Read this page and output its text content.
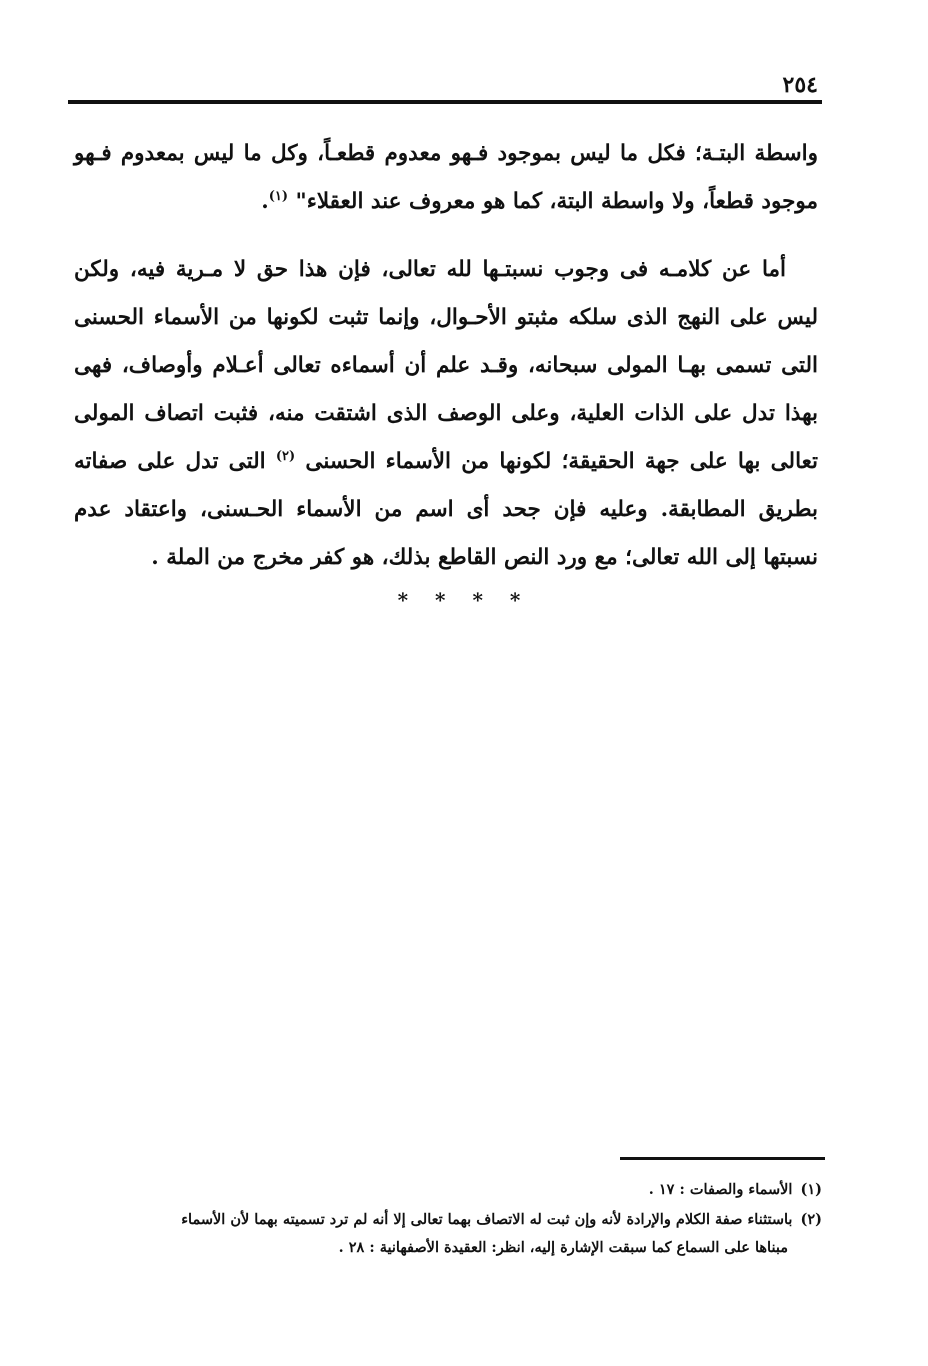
٢٥٤

واسطة البتـة؛ فكل ما ليس بموجود فـهو معدوم قطعـاً، وكل ما ليس بمعدوم فـهو موجود قطعاً، ولا واسطة البتة، كما هو معروف عند العقلاء" $^{(١)}$.

أما عن كلامـه فى وجوب نسبتـها لله تعالى، فإن هذا حق لا مـرية فيه، ولكن ليس على النهج الذى سلكه مثبتو الأحـوال، وإنما تثبت لكونها من الأسماء الحسنى التى تسمى بهـا المولى سبحانه، وقـد علم أن أسماءه تعالى أعـلام وأوصاف، فهى بهذا تدل على الذات العلية، وعلى الوصف الذى اشتقت منه، فثبت اتصاف المولى تعالى بها على جهة الحقيقة؛ لكونها من الأسماء الحسنى $^{(٢)}$ التى تدل على صفاته بطريق المطابقة. وعليه فإن جحد أى اسم من الأسماء الحـسنى، واعتقاد عدم نسبتها إلى الله تعالى؛ مع ورد النص القاطع بذلك، هو كفر مخرج من الملة .

* * * *
(١)الأسماء والصفات : ١٧ .
(٢)باستثناء صفة الكلام والإرادة لأنه وإن ثبت له الاتصاف بهما تعالى إلا أنه لم ترد تسميته بهما لأن الأسماء
مبناها على السماع كما سبقت الإشارة إليه، انظر: العقيدة الأصفهانية : ٢٨ .
